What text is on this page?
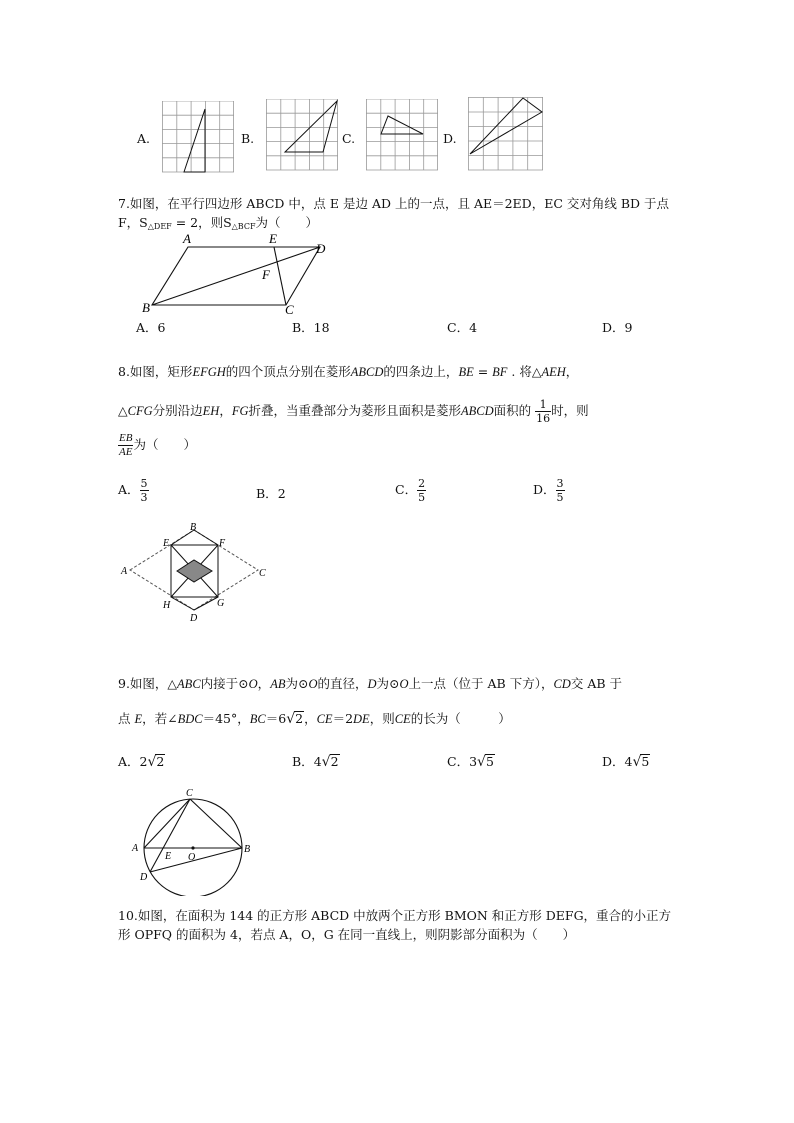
A.	B.	C.	D.
7.如图，在平行四边形 ABCD 中，点 E 是边 AD 上的一点，且 AE＝2ED，EC 交对角线 BD 于点
F，$S_{\triangle DEF} = 2$，则$S_{\triangle BCF}$为（　　）
A	E
D
F
B	C
A．6	B．18	C．4	D．9
8.如图，矩形EFGH的四个顶点分别在菱形ABCD的四条边上，BE = BF . 将△AEH，
△CFG分别沿边EH，FG折叠，当重叠部分为菱形且面积是菱形ABCD面积的 $\frac{1}{16}$ 时，则
$\frac{EB}{AE}$ 为（　　）
A． $\frac{5}{3}$	B．2	C． $\frac{2}{5}$	D． $\frac{3}{5}$
B
E	F
A	C
H	G
D
9.如图，△ABC内接于⊙O，AB为⊙O的直径，D为⊙O上一点（位于 AB 下方），CD交 AB 于
点 E，若∠BDC＝45°，BC＝6√2，CE＝2DE，则CE的长为（　　　）
A．2√2	B．4√2	C．3√5	D．4√5
C
A	B
E O
D
10.如图，在面积为 144 的正方形 ABCD 中放两个正方形 BMON 和正方形 DEFG，重合的小正方
形 OPFQ 的面积为 4，若点 A，O，G 在同一直线上，则阴影部分面积为（　　）
